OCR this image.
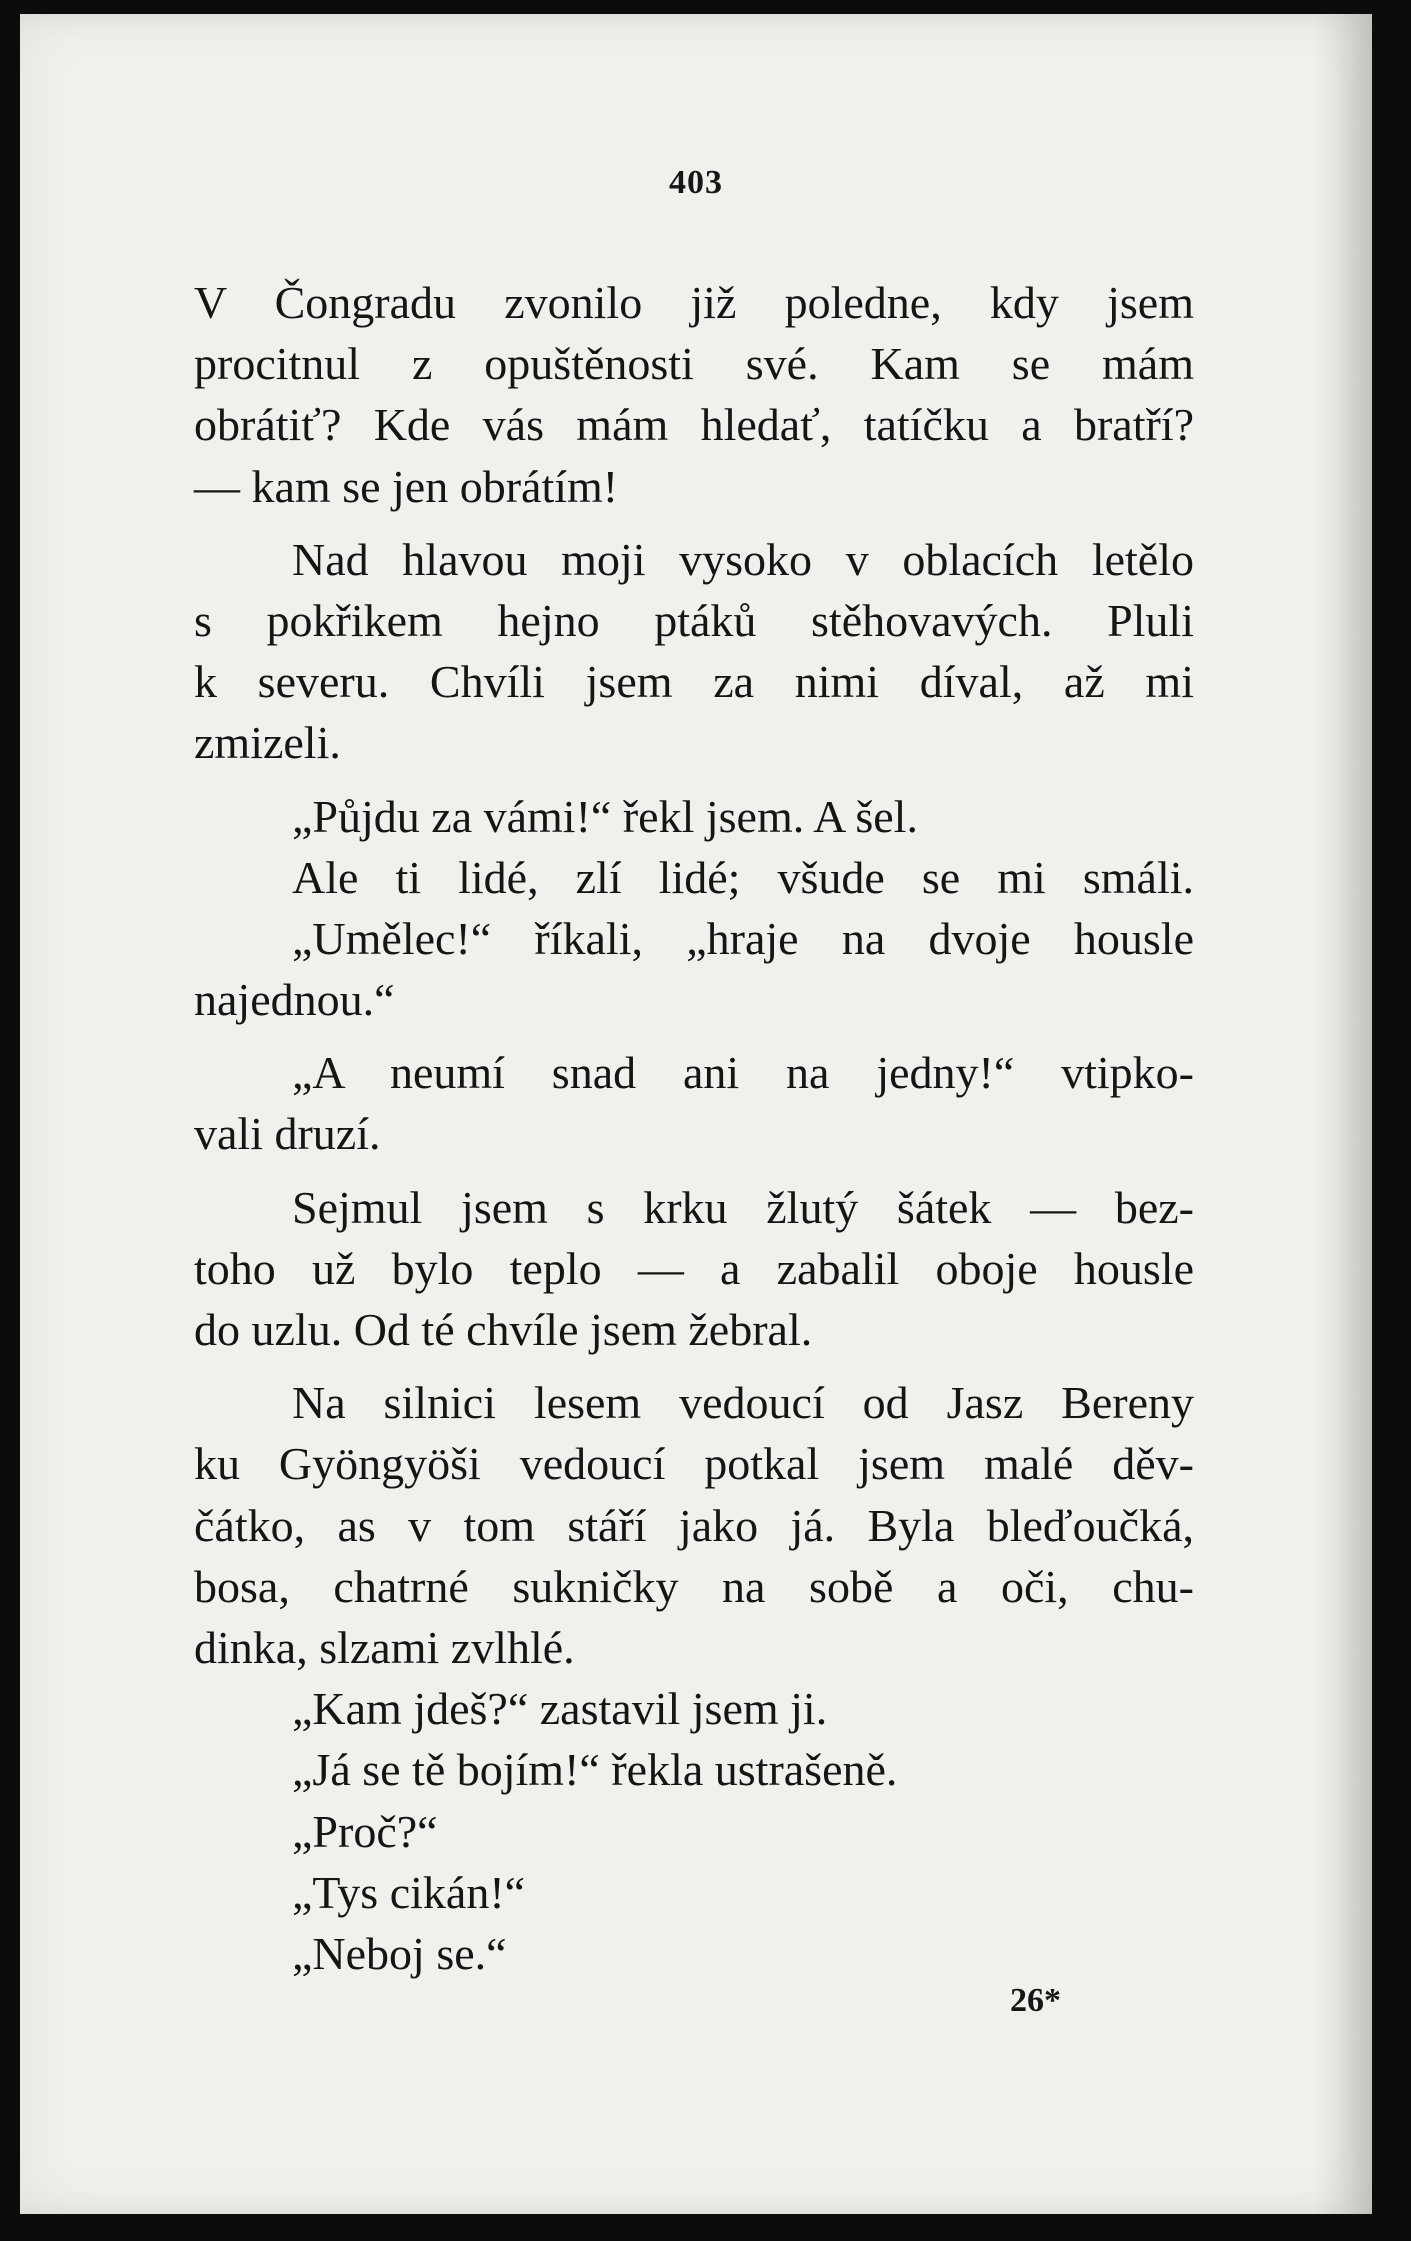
403
V Čongradu zvonilo již poledne, kdy jsem
procitnul z opuštěnosti své. Kam se mám
obrátiť? Kde vás mám hledať, tatíčku a bratří?
— kam se jen obrátím!
Nad hlavou moji vysoko v oblacích letělo
s pokřikem hejno ptáků stěhovavých. Pluli
k severu. Chvíli jsem za nimi díval, až mi
zmizeli.
„Půjdu za vámi!“ řekl jsem. A šel.
Ale ti lidé, zlí lidé; všude se mi smáli.
„Umělec!“ říkali, „hraje na dvoje housle
najednou.“
„A neumí snad ani na jedny!“ vtipko-
vali druzí.
Sejmul jsem s krku žlutý šátek — bez-
toho už bylo teplo — a zabalil oboje housle
do uzlu. Od té chvíle jsem žebral.
Na silnici lesem vedoucí od Jasz Bereny
ku Gyöngyöši vedoucí potkal jsem malé děv-
čátko, as v tom stáří jako já. Byla bleďoučká,
bosa, chatrné sukničky na sobě a oči, chu-
dinka, slzami zvlhlé.
„Kam jdeš?“ zastavil jsem ji.
„Já se tě bojím!“ řekla ustrašeně.
„Proč?“
„Tys cikán!“
„Neboj se.“
26*
